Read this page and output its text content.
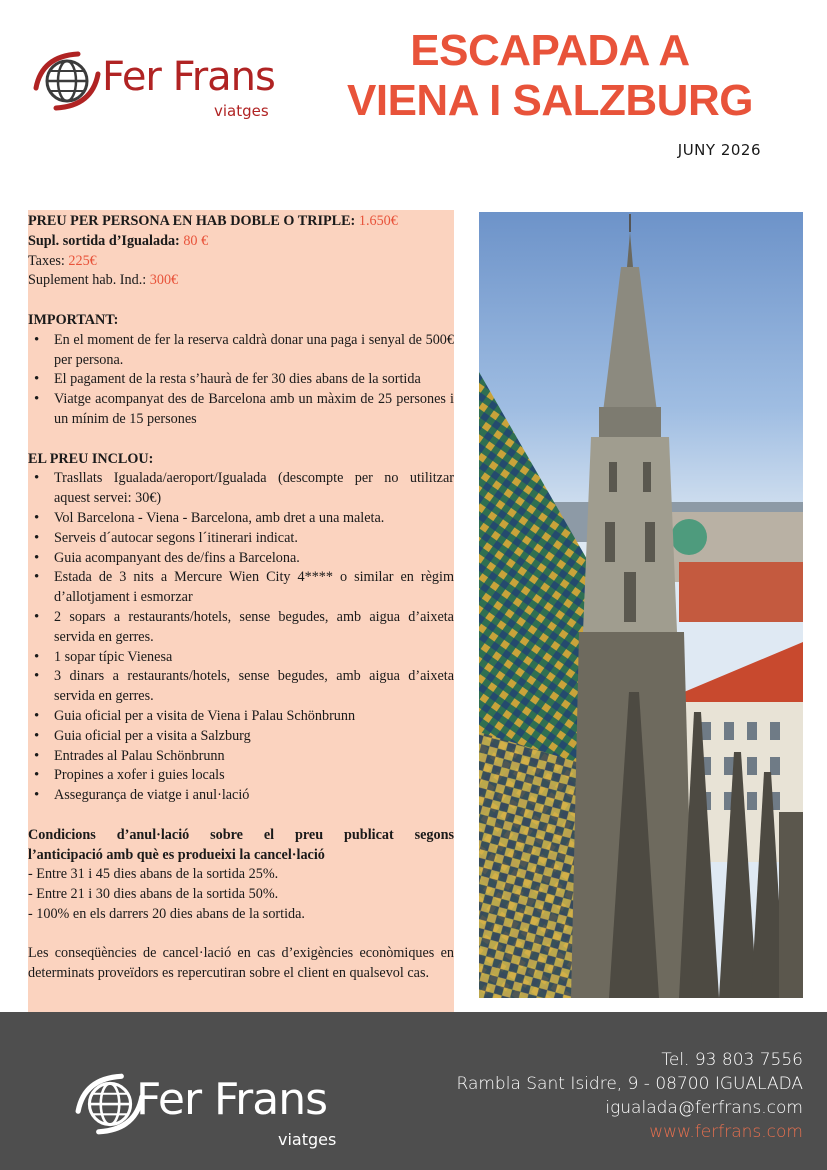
Fer Frans
viatges
ESCAPADA A
VIENA I SALZBURG
JUNY 2026
PREU PER PERSONA EN HAB DOBLE O TRIPLE: 1.650€
Supl. sortida d’Igualada: 80 €
Taxes: 225€
Suplement hab. Ind.: 300€
IMPORTANT:
• En el moment de fer la reserva caldrà donar una paga i senyal de 500€ per persona.
• El pagament de la resta s’haurà de fer 30 dies abans de la sortida
• Viatge acompanyat des de Barcelona amb un màxim de 25 persones i un mínim de 15 persones
EL PREU INCLOU:
• Trasllats Igualada/aeroport/Igualada (descompte per no utilitzar aquest servei: 30€)
• Vol Barcelona - Viena - Barcelona, amb dret a una maleta.
• Serveis d´autocar segons l´itinerari indicat.
• Guia acompanyant des de/fins a Barcelona.
• Estada de 3 nits a Mercure Wien City 4**** o similar en règim d’allotjament i esmorzar
• 2 sopars a restaurants/hotels, sense begudes, amb aigua d’aixeta servida en gerres.
• 1 sopar típic Vienesa
• 3 dinars a restaurants/hotels, sense begudes, amb aigua d’aixeta servida en gerres.
• Guia oficial per a visita de Viena i Palau Schönbrunn
• Guia oficial per a visita a Salzburg
• Entrades al Palau Schönbrunn
• Propines a xofer i guies locals
• Assegurança de viatge i anul·lació
Condicions d’anul·lació sobre el preu publicat segons
l’anticipació amb què es produeixi la cancel·lació
- Entre 31 i 45 dies abans de la sortida 25%.
- Entre 21 i 30 dies abans de la sortida 50%.
- 100% en els darrers 20 dies abans de la sortida.
Les conseqüències de cancel·lació en cas d’exigències econòmiques en determinats proveïdors es repercutiran sobre el client en qualsevol cas.
Fer Frans
viatges
Tel. 93 803 7556
Rambla Sant Isidre, 9 - 08700 IGUALADA
igualada@ferfrans.com
www.ferfrans.com
